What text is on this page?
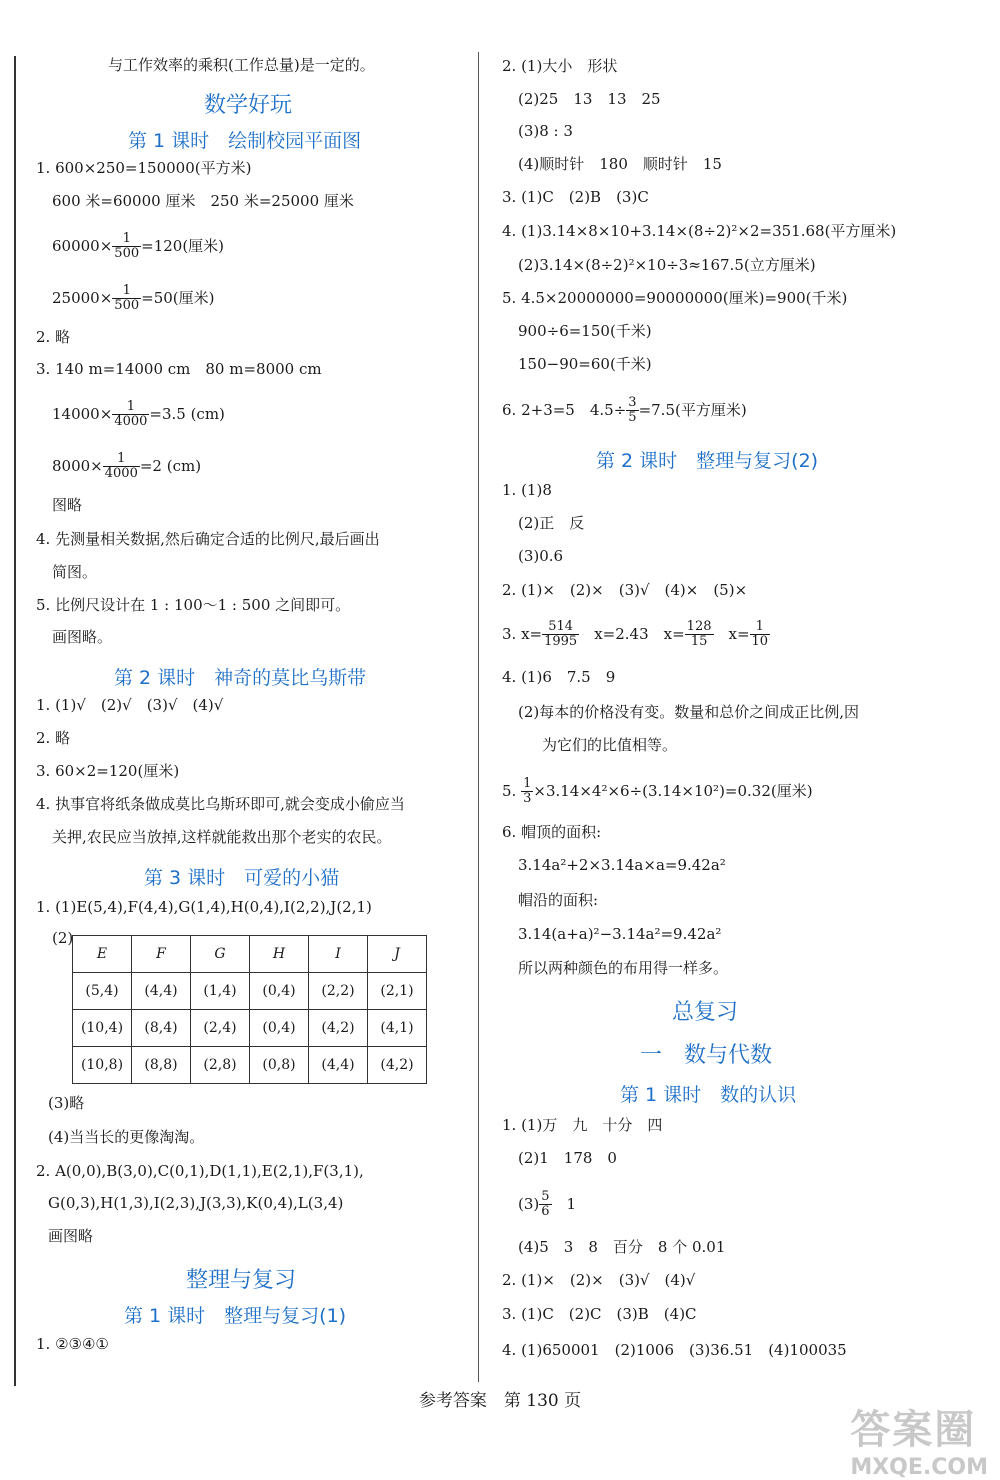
与工作效率的乘积(工作总量)是一定的。
数学好玩
第 1 课时　绘制校园平面图
1. 600×250=150000(平方米)
600 米=60000 厘米　250 米=25000 厘米
$60000\times \frac{1}{500} =120$(厘米)
$25000\times \frac{1}{500} =50$(厘米)
2. 略
3. 140 m=14000 cm　80 m=8000 cm
$14000\times \frac{1}{4000} =3.5$ (cm)
$8000\times \frac{1}{4000} =2$ (cm)
图略
4. 先测量相关数据,然后确定合适的比例尺,最后画出
简图。
5. 比例尺设计在 1 : 100～1 : 500 之间即可。
画图略。
第 2 课时　神奇的莫比乌斯带
1. (1)√　(2)√　(3)√　(4)√
2. 略
3. 60×2=120(厘米)
4. 执事官将纸条做成莫比乌斯环即可,就会变成小偷应当
关押,农民应当放掉,这样就能救出那个老实的农民。
第 3 课时　可爱的小猫
1. (1)E(5,4),F(4,4),G(1,4),H(0,4),I(2,2),J(2,1)
(2)
E	F	G	H	I	J
(5,4)	(4,4)	(1,4)	(0,4)	(2,2)	(2,1)
(10,4)	(8,4)	(2,4)	(0,4)	(4,2)	(4,1)
(10,8)	(8,8)	(2,8)	(0,8)	(4,4)	(4,2)
(3)略
(4)当当长的更像淘淘。
2. A(0,0),B(3,0),C(0,1),D(1,1),E(2,1),F(3,1),
G(0,3),H(1,3),I(2,3),J(3,3),K(0,4),L(3,4)
画图略
整理与复习
第 1 课时　整理与复习(1)
1. ②③④①
2. (1)大小　形状
(2)25　13　13　25
(3)8 : 3
(4)顺时针　180　顺时针　15
3. (1)C　(2)B　(3)C
4. (1)3.14×8×10+3.14×(8÷2)²×2=351.68(平方厘米)
(2)3.14×(8÷2)²×10÷3≈167.5(立方厘米)
5. 4.5×20000000=90000000(厘米)=900(千米)
900÷6=150(千米)
150−90=60(千米)
6. 2+3=5　$4.5\div \frac{3}{5} =7.5$(平方厘米)
第 2 课时　整理与复习(2)
1. (1)8
(2)正　反
(3)0.6
2. (1)×　(2)×　(3)√　(4)×　(5)×
3. $x= \frac{514}{1995}$ 　x=2.43　$x= \frac{128}{15}$ 　$x= \frac{1}{10}$
4. (1)6　7.5　9
(2)每本的价格没有变。数量和总价之间成正比例,因
为它们的比值相等。
5. $\frac{1}{3} \times 3.14\times 4^2\times 6\div(3.14\times 10^2)=0.32$(厘米)
6. 帽顶的面积:
3.14a²+2×3.14a×a=9.42a²
帽沿的面积:
3.14(a+a)²−3.14a²=9.42a²
所以两种颜色的布用得一样多。
总复习
一　数与代数
第 1 课时　数的认识
1. (1)万　九　十分　四
(2)1　178　0
$(3) \frac{5}{6}$ 　1
(4)5　3　8　百分　8 个 0.01
2. (1)×　(2)×　(3)√　(4)√
3. (1)C　(2)C　(3)B　(4)C
4. (1)650001　(2)1006　(3)36.51　(4)100035
参考答案　第 130 页
答案圈
MXQE.COM
